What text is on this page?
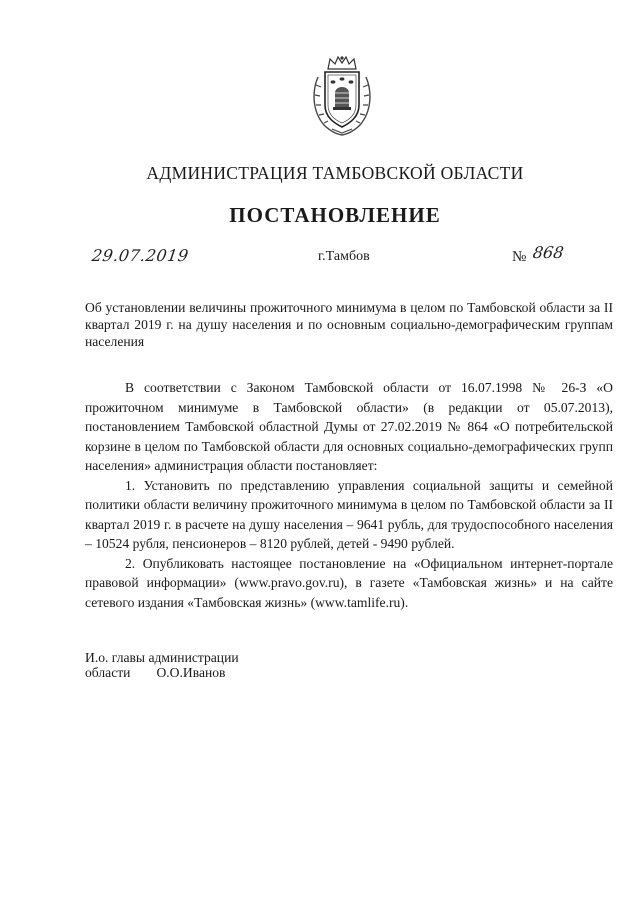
АДМИНИСТРАЦИЯ ТАМБОВСКОЙ ОБЛАСТИ
ПОСТАНОВЛЕНИЕ
29.07.2019	г.Тамбов	№ 868
Об установлении величины прожиточного минимума в целом по Тамбовской области за II квартал 2019 г. на душу населения и по основным социально-демографическим группам населения

В соответствии с Законом Тамбовской области от 16.07.1998 № 26-З «О прожиточном минимуме в Тамбовской области» (в редакции от 05.07.2013), постановлением Тамбовской областной Думы от 27.02.2019 № 864 «О потребительской корзине в целом по Тамбовской области для основных социально-демографических групп населения» администрация области постановляет:

1. Установить по представлению управления социальной защиты и семейной политики области величину прожиточного минимума в целом по Тамбовской области за II квартал 2019 г. в расчете на душу населения – 9641 рубль, для трудоспособного населения – 10524 рубля, пенсионеров – 8120 рублей, детей - 9490 рублей.

2. Опубликовать настоящее постановление на «Официальном интернет-портале правовой информации» (www.pravo.gov.ru), в газете «Тамбовская жизнь» и на сайте сетевого издания «Тамбовская жизнь» (www.tamlife.ru).

И.о. главы администрации
области О.О.Иванов
